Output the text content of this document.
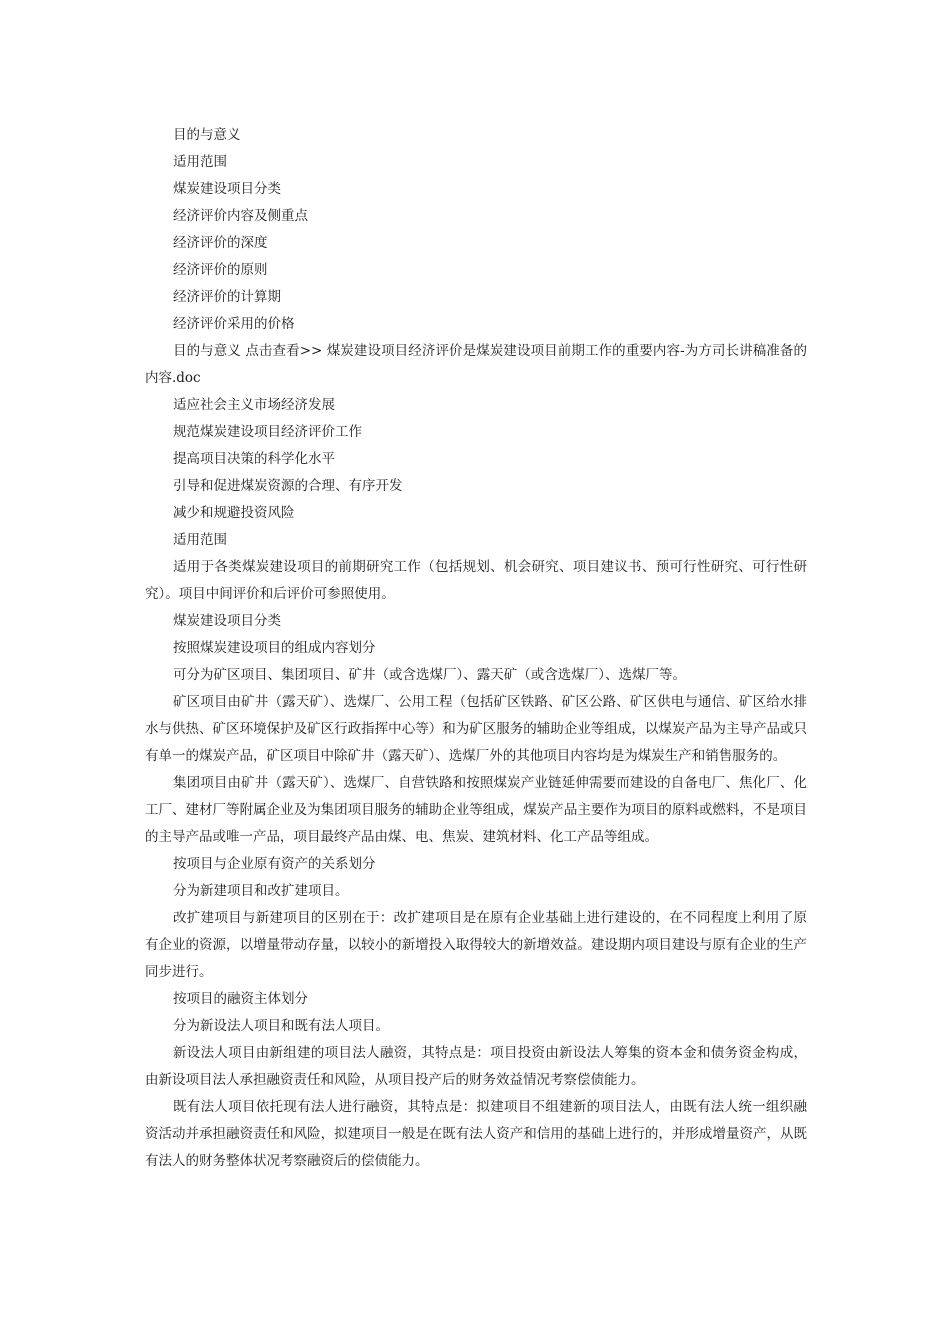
目的与意义

适用范围

煤炭建设项目分类

经济评价内容及侧重点

经济评价的深度

经济评价的原则

经济评价的计算期

经济评价采用的价格

目的与意义 点击查看>> 煤炭建设项目经济评价是煤炭建设项目前期工作的重要内容-为方司长讲稿准备的内容.doc

适应社会主义市场经济发展

规范煤炭建设项目经济评价工作

提高项目决策的科学化水平

引导和促进煤炭资源的合理、有序开发

减少和规避投资风险

适用范围

适用于各类煤炭建设项目的前期研究工作（包括规划、机会研究、项目建议书、预可行性研究、可行性研究）。项目中间评价和后评价可参照使用。

煤炭建设项目分类

按照煤炭建设项目的组成内容划分

可分为矿区项目、集团项目、矿井（或含选煤厂）、露天矿（或含选煤厂）、选煤厂等。

矿区项目由矿井（露天矿）、选煤厂、公用工程（包括矿区铁路、矿区公路、矿区供电与通信、矿区给水排水与供热、矿区环境保护及矿区行政指挥中心等）和为矿区服务的辅助企业等组成，以煤炭产品为主导产品或只有单一的煤炭产品，矿区项目中除矿井（露天矿）、选煤厂外的其他项目内容均是为煤炭生产和销售服务的。

集团项目由矿井（露天矿）、选煤厂、自营铁路和按照煤炭产业链延伸需要而建设的自备电厂、焦化厂、化工厂、建材厂等附属企业及为集团项目服务的辅助企业等组成，煤炭产品主要作为项目的原料或燃料，不是项目的主导产品或唯一产品，项目最终产品由煤、电、焦炭、建筑材料、化工产品等组成。

按项目与企业原有资产的关系划分

分为新建项目和改扩建项目。

改扩建项目与新建项目的区别在于：改扩建项目是在原有企业基础上进行建设的，在不同程度上利用了原有企业的资源，以增量带动存量，以较小的新增投入取得较大的新增效益。建设期内项目建设与原有企业的生产同步进行。

按项目的融资主体划分

分为新设法人项目和既有法人项目。

新设法人项目由新组建的项目法人融资，其特点是：项目投资由新设法人筹集的资本金和债务资金构成，由新设项目法人承担融资责任和风险，从项目投产后的财务效益情况考察偿债能力。

既有法人项目依托现有法人进行融资，其特点是：拟建项目不组建新的项目法人，由既有法人统一组织融资活动并承担融资责任和风险，拟建项目一般是在既有法人资产和信用的基础上进行的，并形成增量资产，从既有法人的财务整体状况考察融资后的偿债能力。
